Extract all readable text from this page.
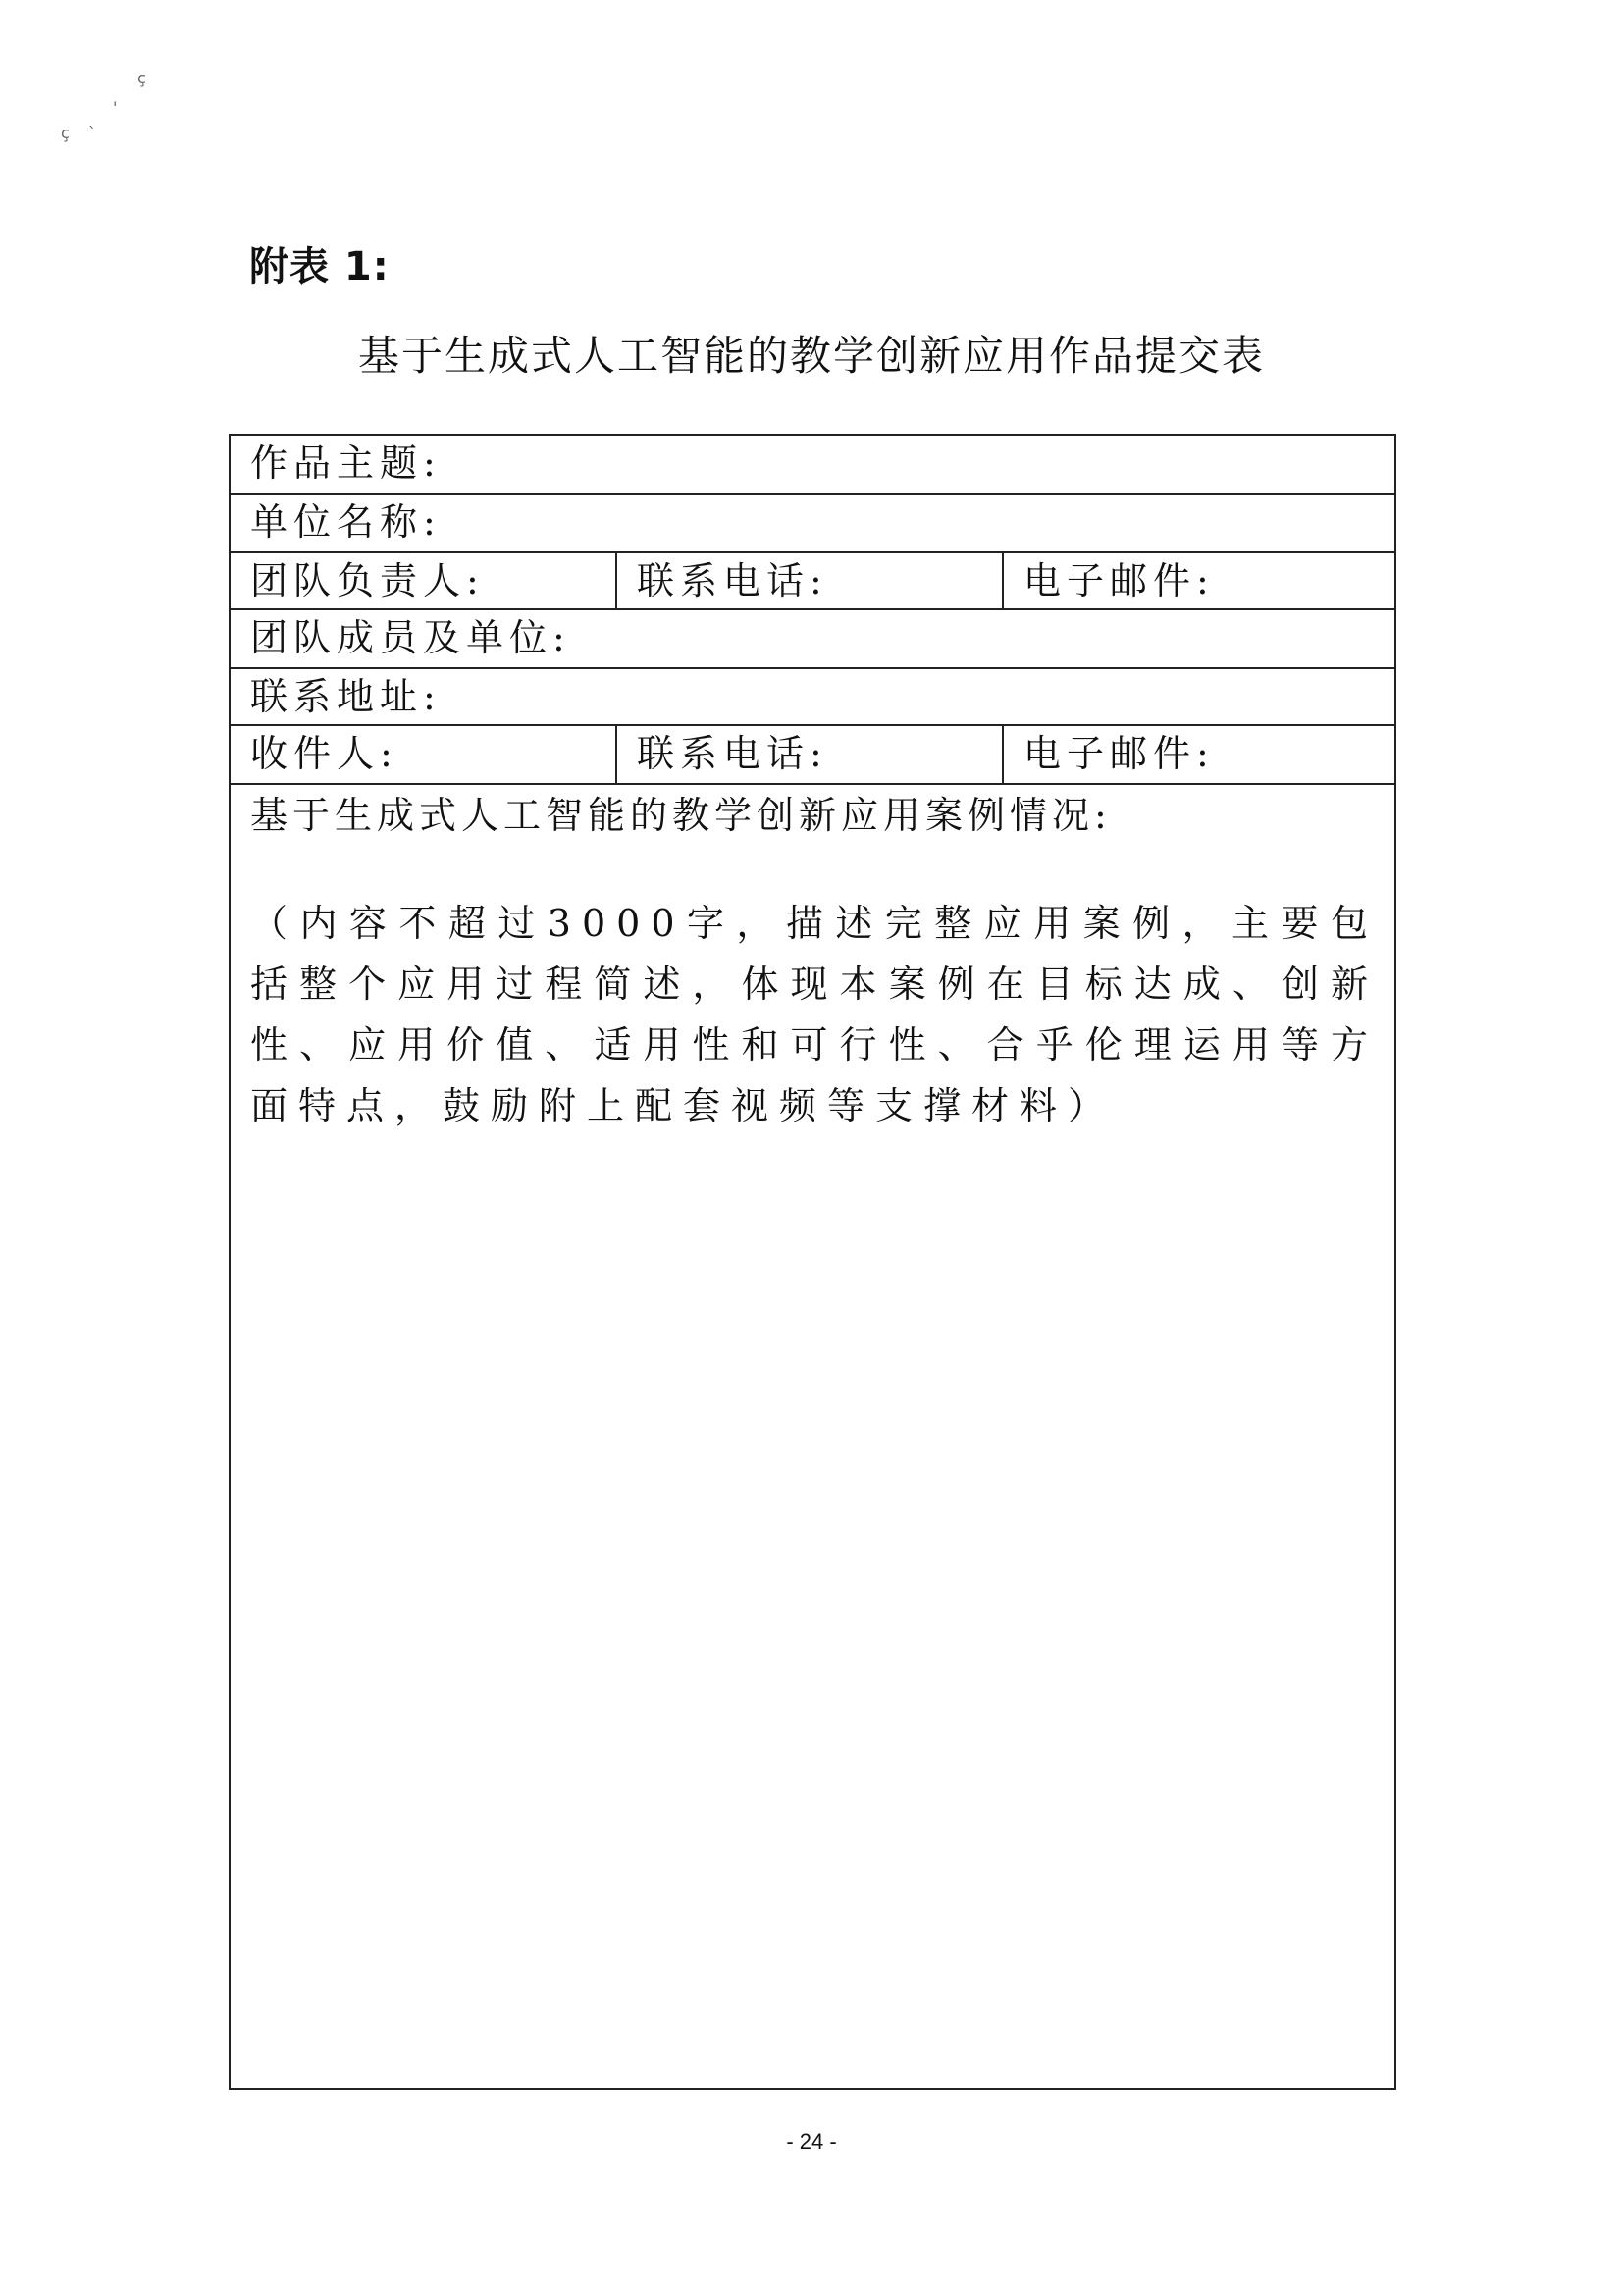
ҫ
'
ˎ
ҫ
附表 1:
基于生成式人工智能的教学创新应用作品提交表
作品主题:
单位名称:
团队负责人:	联系电话:	电子邮件:
团队成员及单位:
联系地址:
收件人:	联系电话:	电子邮件:

基于生成式人工智能的教学创新应用案例情况:

（内容不超过3000字，描述完整应用案例，主要包括整个应用过程简述，体现本案例在目标达成、创新性、应用价值、适用性和可行性、合乎伦理运用等方面特点，鼓励附上配套视频等支撑材料）

- 24 -
